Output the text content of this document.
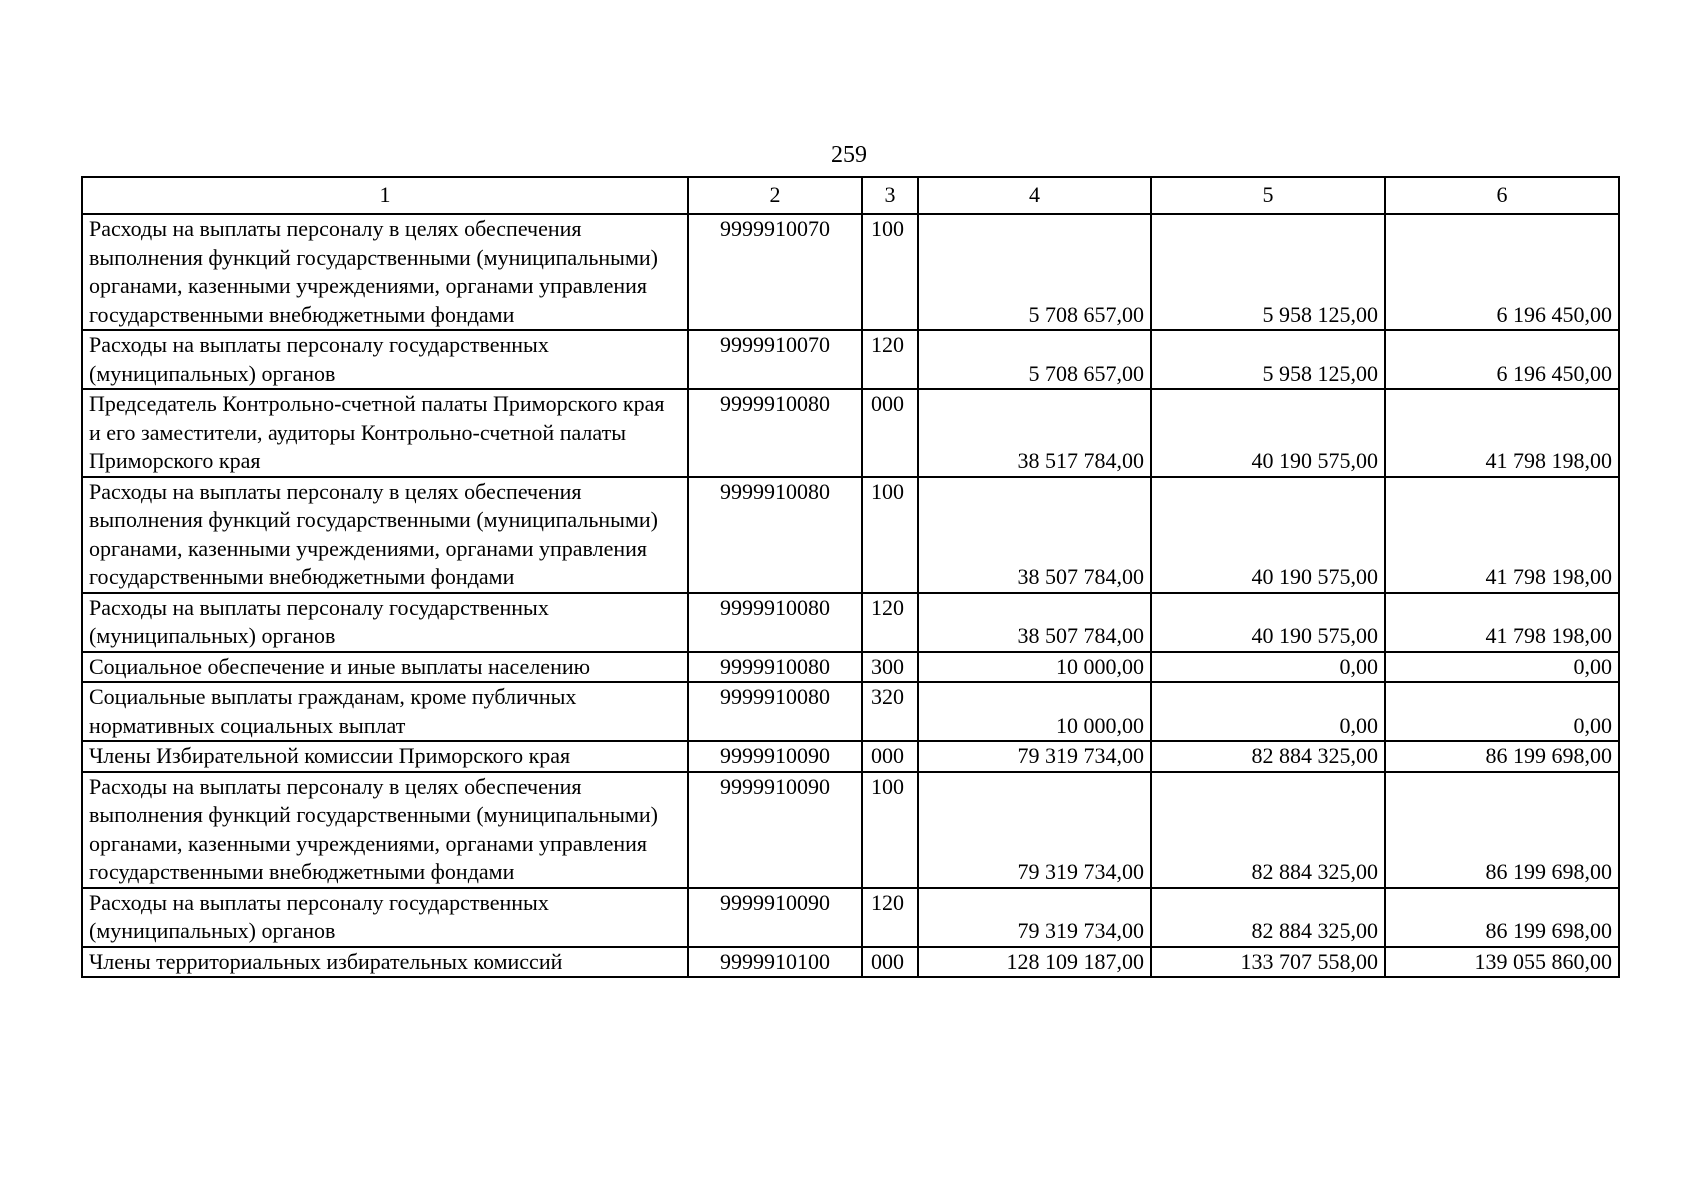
259
1	2	3	4	5	6
Расходы на выплаты персоналу в целях обеспечения выполнения функций государственными (муниципальными) органами, казенными учреждениями, органами управления государственными внебюджетными фондами	9999910070	100	5 708 657,00	5 958 125,00	6 196 450,00
Расходы на выплаты персоналу государственных (муниципальных) органов	9999910070	120	5 708 657,00	5 958 125,00	6 196 450,00
Председатель Контрольно-счетной палаты Приморского края и его заместители, аудиторы Контрольно-счетной палаты Приморского края	9999910080	000	38 517 784,00	40 190 575,00	41 798 198,00
Расходы на выплаты персоналу в целях обеспечения выполнения функций государственными (муниципальными) органами, казенными учреждениями, органами управления государственными внебюджетными фондами	9999910080	100	38 507 784,00	40 190 575,00	41 798 198,00
Расходы на выплаты персоналу государственных (муниципальных) органов	9999910080	120	38 507 784,00	40 190 575,00	41 798 198,00
Социальное обеспечение и иные выплаты населению	9999910080	300	10 000,00	0,00	0,00
Социальные выплаты гражданам, кроме публичных нормативных социальных выплат	9999910080	320	10 000,00	0,00	0,00
Члены Избирательной комиссии Приморского края	9999910090	000	79 319 734,00	82 884 325,00	86 199 698,00
Расходы на выплаты персоналу в целях обеспечения выполнения функций государственными (муниципальными) органами, казенными учреждениями, органами управления государственными внебюджетными фондами	9999910090	100	79 319 734,00	82 884 325,00	86 199 698,00
Расходы на выплаты персоналу государственных (муниципальных) органов	9999910090	120	79 319 734,00	82 884 325,00	86 199 698,00
Члены территориальных избирательных комиссий	9999910100	000	128 109 187,00	133 707 558,00	139 055 860,00
